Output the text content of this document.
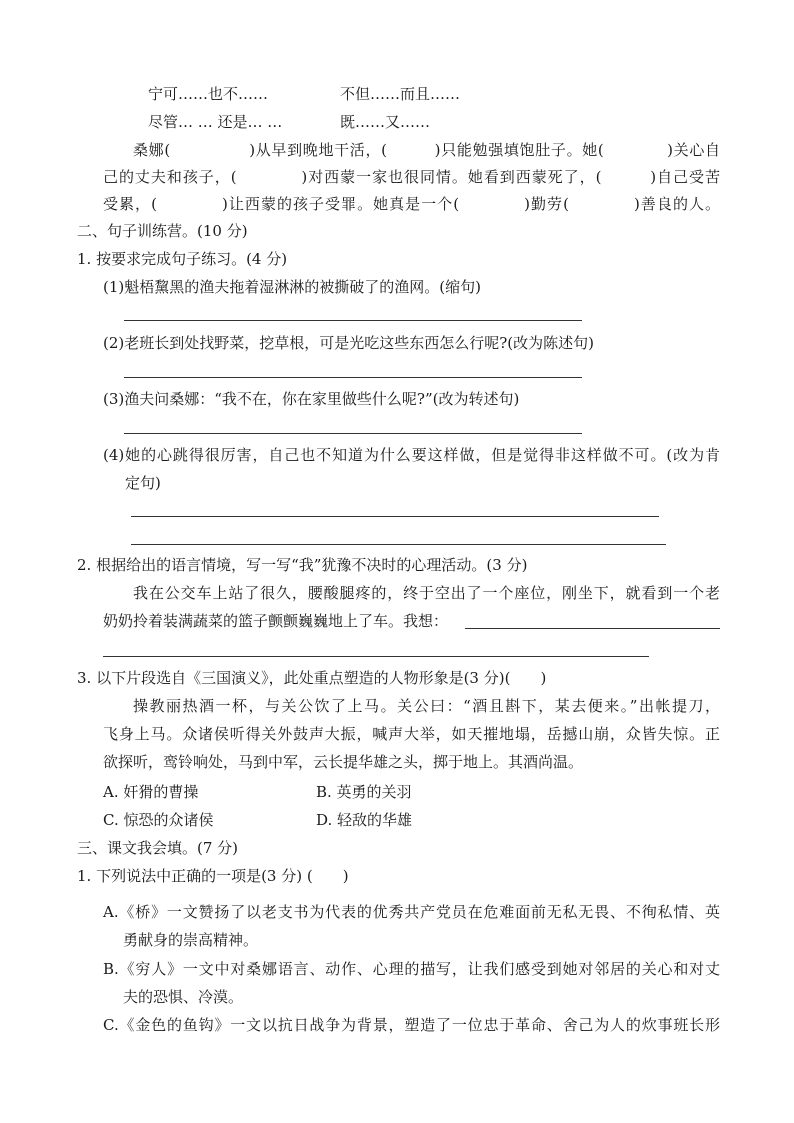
宁可……也不……	不但……而且……
尽管… … 还是… …	既……又……
桑娜(　　　　　)从早到晚地干活，(　　　)只能勉强填饱肚子。她(　　　　)关心自
己的丈夫和孩子，(　　　　)对西蒙一家也很同情。她看到西蒙死了，(　　　)自己受苦
受累，(　　　　)让西蒙的孩子受罪。她真是一个(　　　　)勤劳(　　　　)善良的人。
二、句子训练营。(10 分)
1. 按要求完成句子练习。(4 分)
(1)魁梧黧黑的渔夫拖着湿淋淋的被撕破了的渔网。(缩句)
(2)老班长到处找野菜，挖草根，可是光吃这些东西怎么行呢?(改为陈述句)
(3)渔夫问桑娜：“我不在，你在家里做些什么呢?”(改为转述句)
(4)她的心跳得很厉害，自己也不知道为什么要这样做，但是觉得非这样做不可。(改为肯
定句)
2. 根据给出的语言情境，写一写“我”犹豫不决时的心理活动。(3 分)
我在公交车上站了很久，腰酸腿疼的，终于空出了一个座位，刚坐下，就看到一个老
奶奶拎着装满蔬菜的篮子颤颤巍巍地上了车。我想：
3. 以下片段选自《三国演义》，此处重点塑造的人物形象是(3 分)(　　)
操教丽热酒一杯，与关公饮了上马。关公曰：“酒且斟下，某去便来。”出帐提刀，
飞身上马。众诸侯听得关外鼓声大振，喊声大举，如天摧地塌，岳撼山崩，众皆失惊。正
欲探听，鸾铃响处，马到中军，云长提华雄之头，掷于地上。其酒尚温。
A. 奸猾的曹操	B. 英勇的关羽
C. 惊恐的众诸侯	D. 轻敌的华雄
三、课文我会填。(7 分)
1. 下列说法中正确的一项是(3 分) (　　)
A.《桥》一文赞扬了以老支书为代表的优秀共产党员在危难面前无私无畏、不徇私情、英
勇献身的崇高精神。
B.《穷人》一文中对桑娜语言、动作、心理的描写，让我们感受到她对邻居的关心和对丈
夫的恐惧、冷漠。
C.《金色的鱼钩》一文以抗日战争为背景，塑造了一位忠于革命、舍己为人的炊事班长形
